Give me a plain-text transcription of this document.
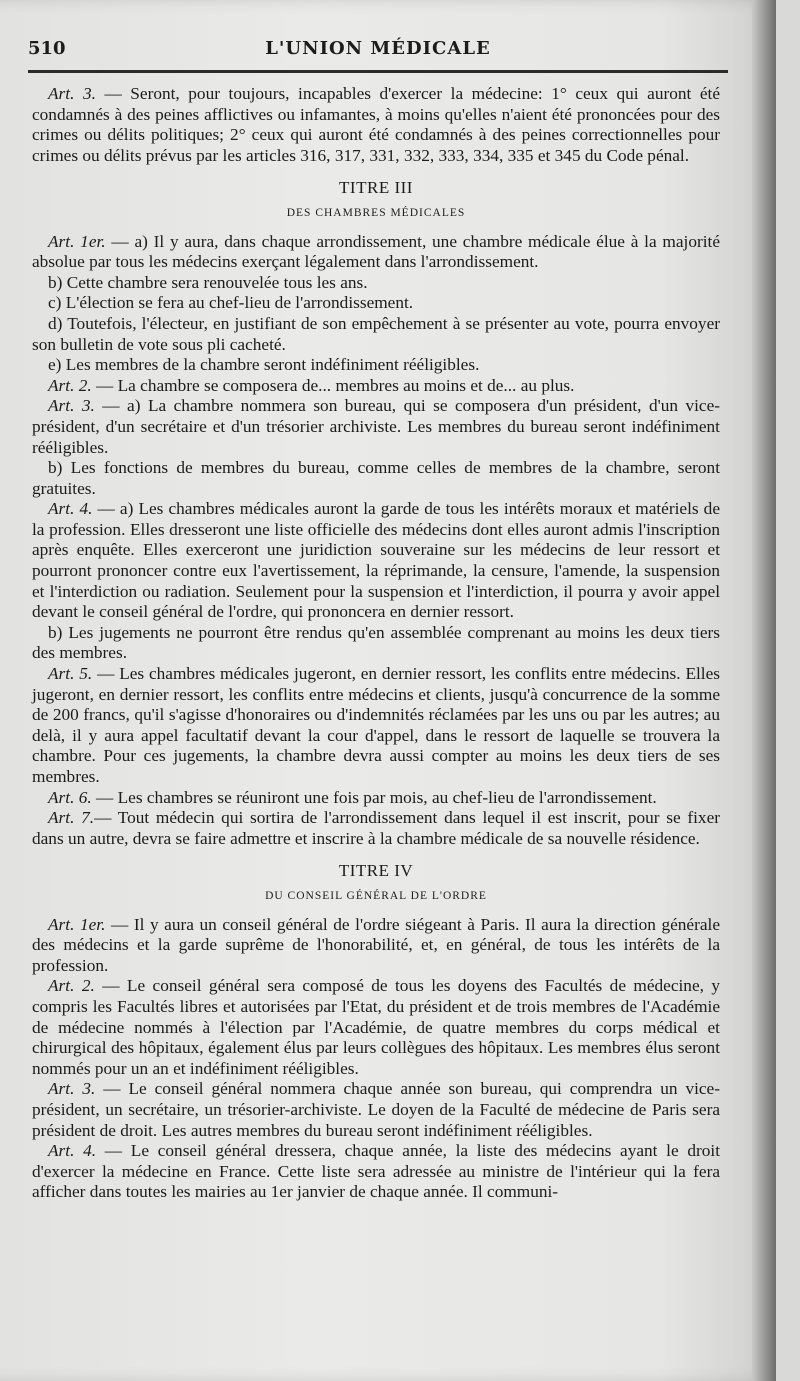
510	L'UNION MÉDICALE

Art. 3. — Seront, pour toujours, incapables d'exercer la médecine: 1° ceux qui auront été condamnés à des peines afflictives ou infamantes, à moins qu'elles n'aient été prononcées pour des crimes ou délits politiques; 2° ceux qui auront été condamnés à des peines correctionnelles pour crimes ou délits prévus par les articles 316, 317, 331, 332, 333, 334, 335 et 345 du Code pénal.

TITRE III
DES CHAMBRES MÉDICALES

Art. 1er. — a) Il y aura, dans chaque arrondissement, une chambre médicale élue à la majorité absolue par tous les médecins exerçant légalement dans l'arrondissement.

b) Cette chambre sera renouvelée tous les ans.

c) L'élection se fera au chef-lieu de l'arrondissement.

d) Toutefois, l'électeur, en justifiant de son empêchement à se présenter au vote, pourra envoyer son bulletin de vote sous pli cacheté.

e) Les membres de la chambre seront indéfiniment rééligibles.

Art. 2. — La chambre se composera de... membres au moins et de... au plus.

Art. 3. — a) La chambre nommera son bureau, qui se composera d'un président, d'un vice-président, d'un secrétaire et d'un trésorier archiviste. Les membres du bureau seront indéfiniment rééligibles.

b) Les fonctions de membres du bureau, comme celles de membres de la chambre, seront gratuites.

Art. 4. — a) Les chambres médicales auront la garde de tous les intérêts moraux et matériels de la profession. Elles dresseront une liste officielle des médecins dont elles auront admis l'inscription après enquête. Elles exerceront une juridiction souveraine sur les médecins de leur ressort et pourront prononcer contre eux l'avertissement, la réprimande, la censure, l'amende, la suspension et l'interdiction ou radiation. Seulement pour la suspension et l'interdiction, il pourra y avoir appel devant le conseil général de l'ordre, qui prononcera en dernier ressort.

b) Les jugements ne pourront être rendus qu'en assemblée comprenant au moins les deux tiers des membres.

Art. 5. — Les chambres médicales jugeront, en dernier ressort, les conflits entre médecins. Elles jugeront, en dernier ressort, les conflits entre médecins et clients, jusqu'à concurrence de la somme de 200 francs, qu'il s'agisse d'honoraires ou d'indemnités réclamées par les uns ou par les autres; au delà, il y aura appel facultatif devant la cour d'appel, dans le ressort de laquelle se trouvera la chambre. Pour ces jugements, la chambre devra aussi compter au moins les deux tiers de ses membres.

Art. 6. — Les chambres se réuniront une fois par mois, au chef-lieu de l'arrondissement.

Art. 7.— Tout médecin qui sortira de l'arrondissement dans lequel il est inscrit, pour se fixer dans un autre, devra se faire admettre et inscrire à la chambre médicale de sa nouvelle résidence.

TITRE IV
DU CONSEIL GÉNÉRAL DE L'ORDRE

Art. 1er. — Il y aura un conseil général de l'ordre siégeant à Paris. Il aura la direction générale des médecins et la garde suprême de l'honorabilité, et, en général, de tous les intérêts de la profession.

Art. 2. — Le conseil général sera composé de tous les doyens des Facultés de médecine, y compris les Facultés libres et autorisées par l'Etat, du président et de trois membres de l'Académie de médecine nommés à l'élection par l'Académie, de quatre membres du corps médical et chirurgical des hôpitaux, également élus par leurs collègues des hôpitaux. Les membres élus seront nommés pour un an et indéfiniment rééligibles.

Art. 3. — Le conseil général nommera chaque année son bureau, qui comprendra un vice-président, un secrétaire, un trésorier-archiviste. Le doyen de la Faculté de médecine de Paris sera président de droit. Les autres membres du bureau seront indéfiniment rééligibles.

Art. 4. — Le conseil général dressera, chaque année, la liste des médecins ayant le droit d'exercer la médecine en France. Cette liste sera adressée au ministre de l'intérieur qui la fera afficher dans toutes les mairies au 1er janvier de chaque année. Il communi-
